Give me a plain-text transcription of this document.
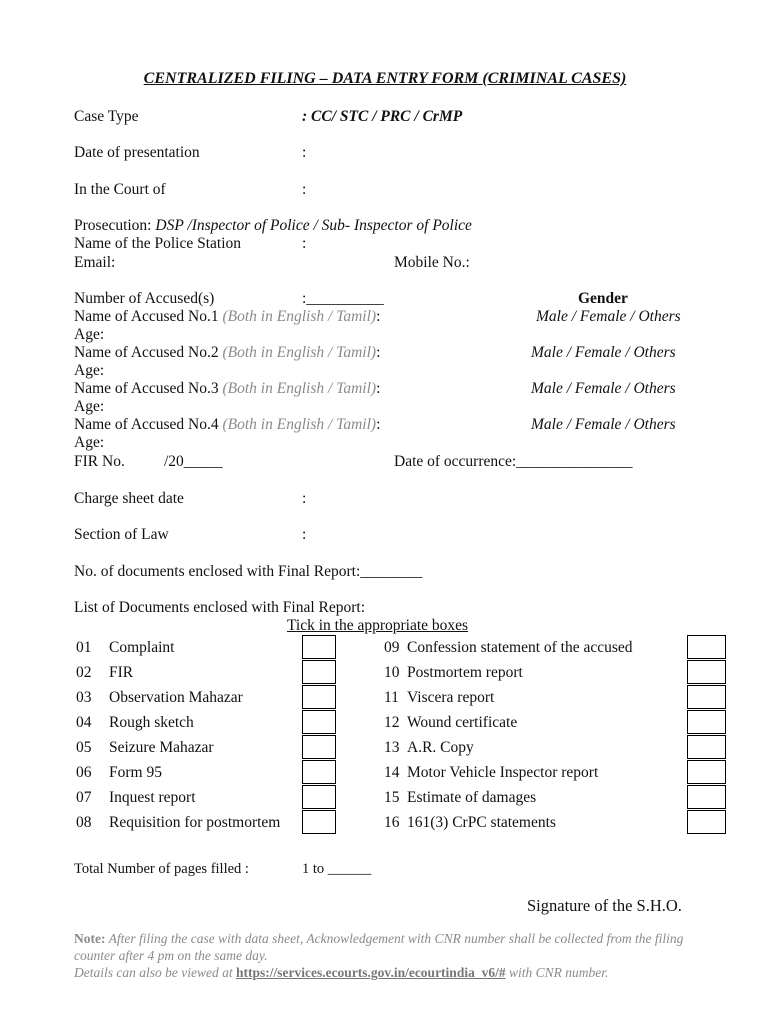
CENTRALIZED FILING – DATA ENTRY FORM (CRIMINAL CASES)
Case Type	: CC/ STC / PRC / CrMP
Date of presentation	:
In the Court of	:
Prosecution: DSP /Inspector of Police / Sub- Inspector of Police
Name of the Police Station	:
Email:	Mobile No.:
Number of Accused(s)	:__________	Gender
Name of Accused No.1 (Both in English / Tamil):	Male / Female / Others
Age:
Name of Accused No.2 (Both in English / Tamil):	Male / Female / Others
Age:
Name of Accused No.3 (Both in English / Tamil):	Male / Female / Others
Age:
Name of Accused No.4 (Both in English / Tamil):	Male / Female / Others
Age:
FIR No.	/20_____	Date of occurrence:_______________
Charge sheet date	:
Section of Law	:
No. of documents enclosed with Final Report:________
List of Documents enclosed with Final Report:
Tick in the appropriate boxes
01 Complaint
02 FIR
03 Observation Mahazar
04 Rough sketch
05 Seizure Mahazar
06 Form 95
07 Inquest report
08 Requisition for postmortem
09 Confession statement of the accused
10 Postmortem report
11 Viscera report
12 Wound certificate
13 A.R. Copy
14 Motor Vehicle Inspector report
15 Estimate of damages
16 161(3) CrPC statements
Total Number of pages filled :	1 to ______
Signature of the S.H.O.
Note: After filing the case with data sheet, Acknowledgement with CNR number shall be collected from the filing counter after 4 pm on the same day.
Details can also be viewed at https://services.ecourts.gov.in/ecourtindia_v6/# with CNR number.
